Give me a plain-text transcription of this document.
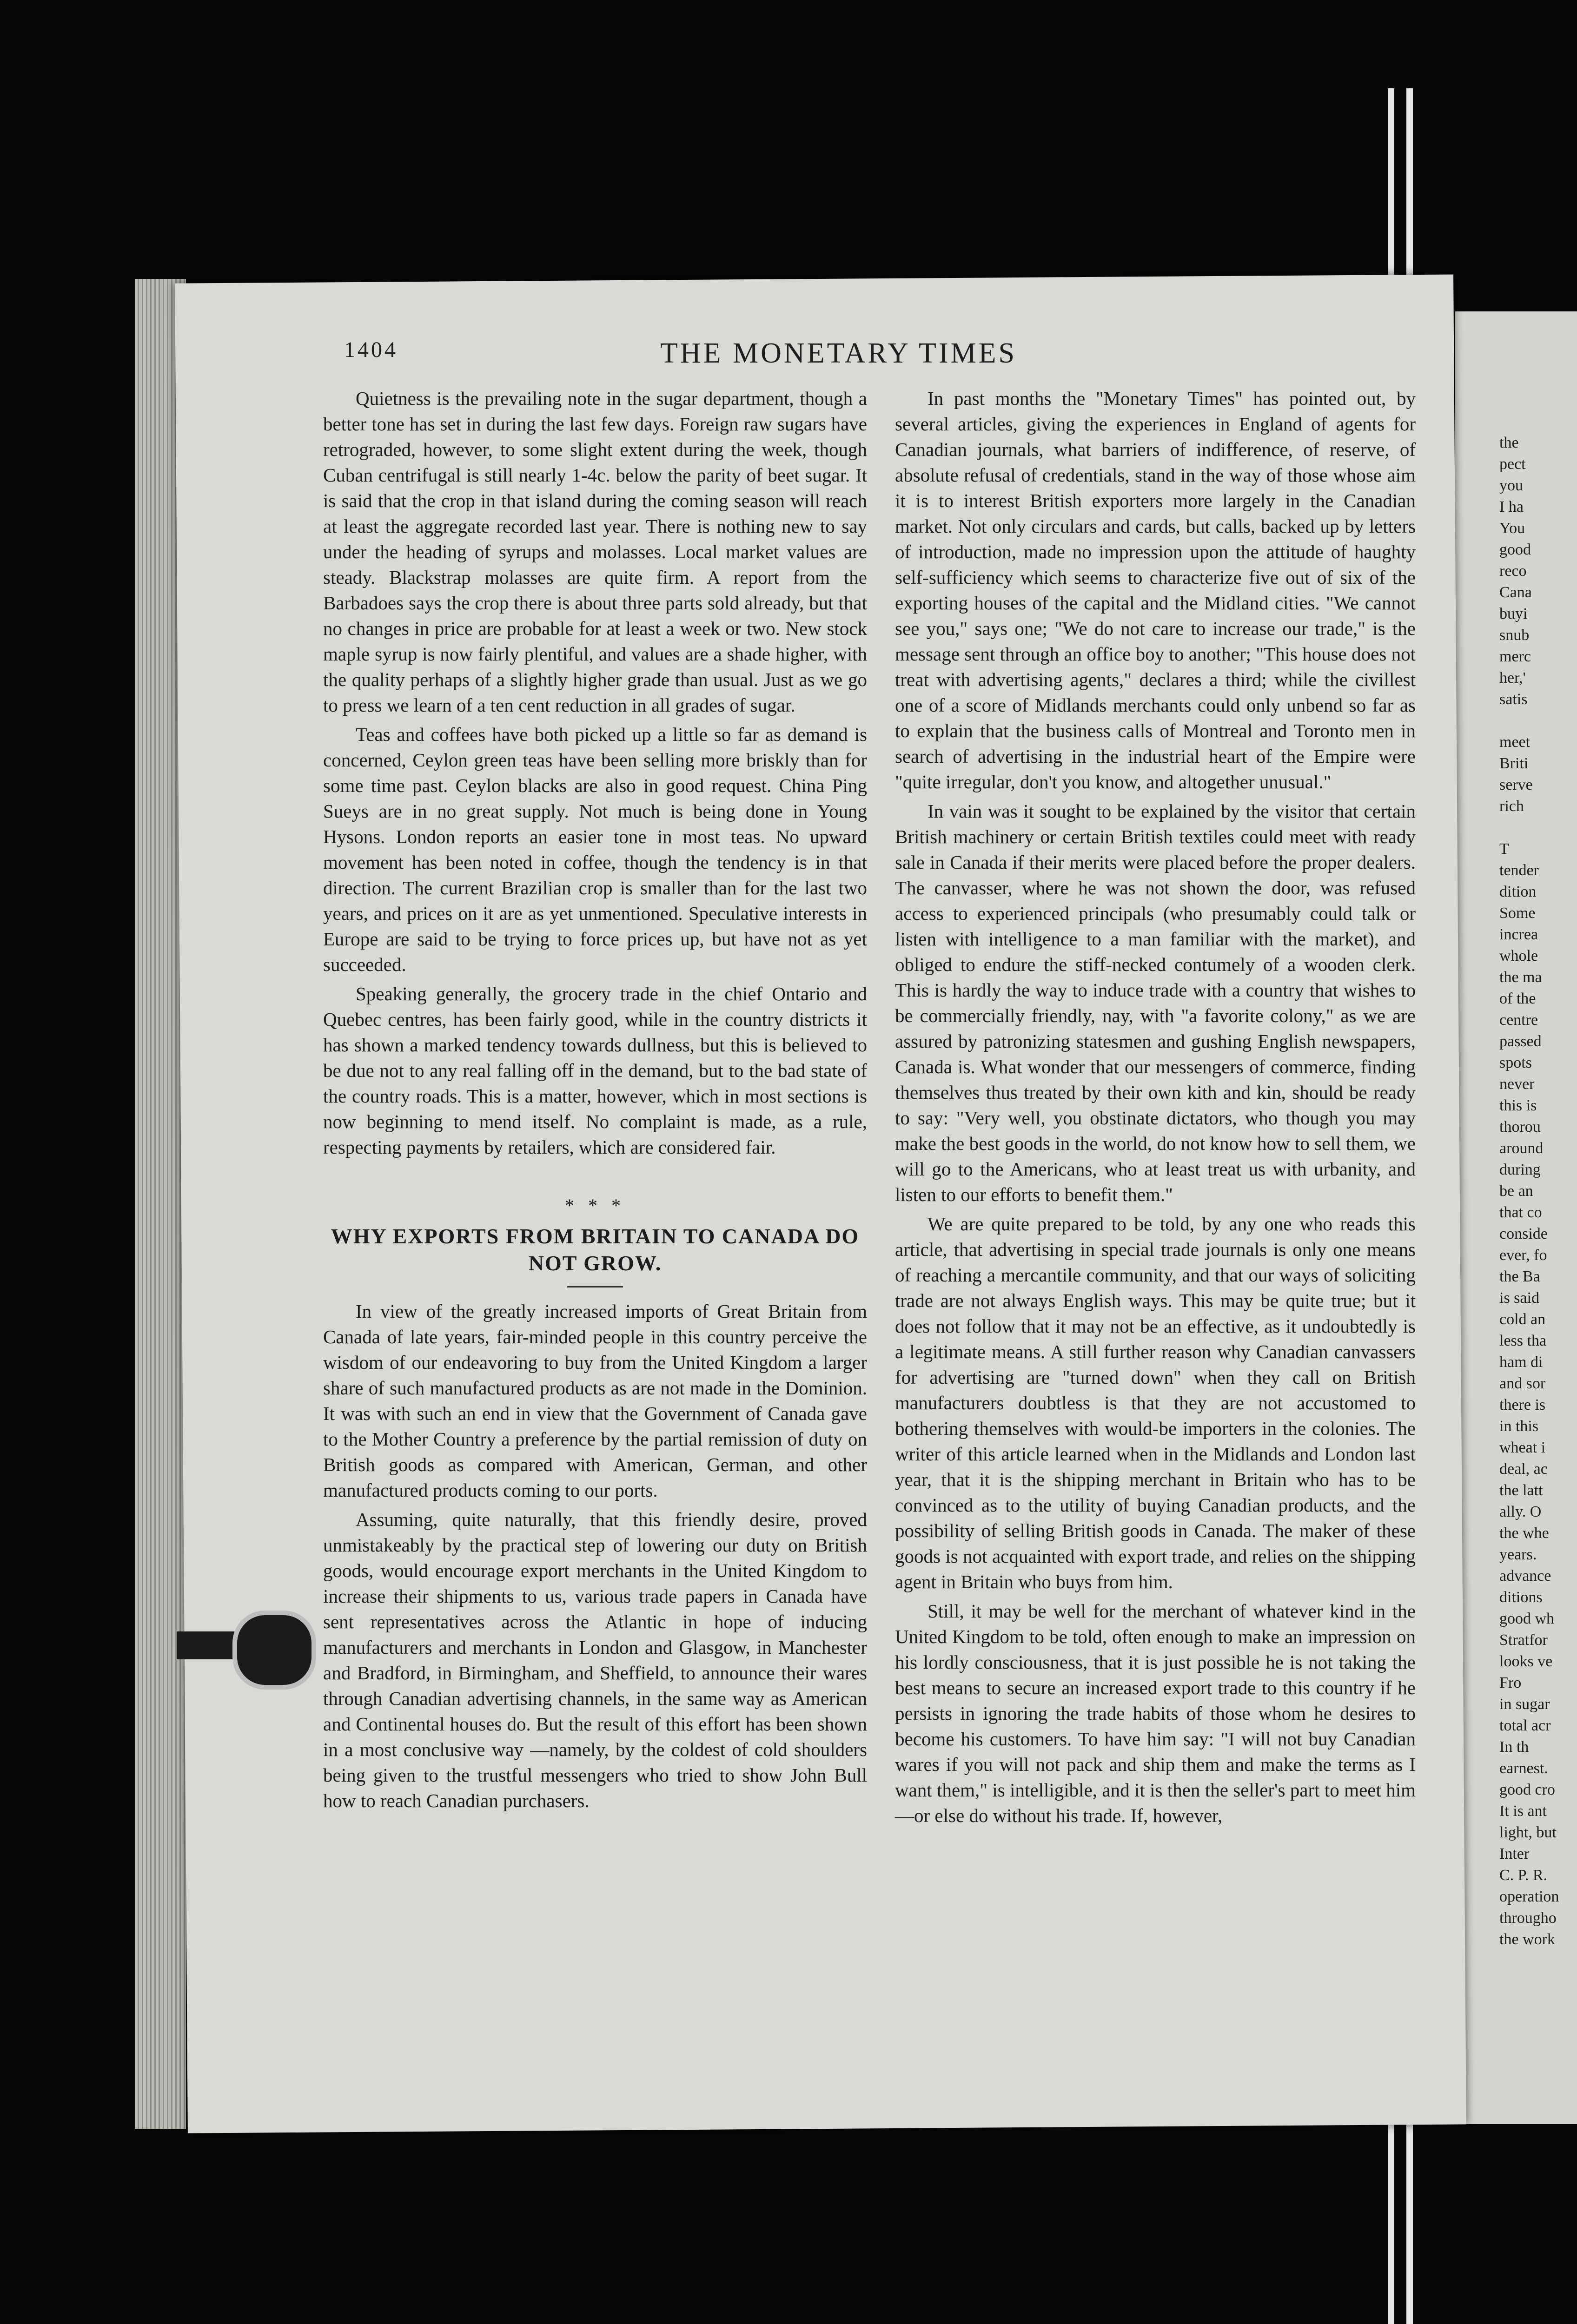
1404	THE MONETARY TIMES

Quietness is the prevailing note in the sugar department, though a better tone has set in during the last few days. Foreign raw sugars have retrograded, however, to some slight extent during the week, though Cuban centrifugal is still nearly 1-4c. below the parity of beet sugar. It is said that the crop in that island during the coming season will reach at least the aggregate recorded last year. There is nothing new to say under the heading of syrups and molasses. Local market values are steady. Blackstrap molasses are quite firm. A report from the Barbadoes says the crop there is about three parts sold already, but that no changes in price are probable for at least a week or two. New stock maple syrup is now fairly plentiful, and values are a shade higher, with the quality perhaps of a slightly higher grade than usual. Just as we go to press we learn of a ten cent reduction in all grades of sugar.

Teas and coffees have both picked up a little so far as demand is concerned, Ceylon green teas have been selling more briskly than for some time past. Ceylon blacks are also in good request. China Ping Sueys are in no great supply. Not much is being done in Young Hysons. London reports an easier tone in most teas. No upward movement has been noted in coffee, though the tendency is in that direction. The current Brazilian crop is smaller than for the last two years, and prices on it are as yet unmentioned. Speculative interests in Europe are said to be trying to force prices up, but have not as yet succeeded.

Speaking generally, the grocery trade in the chief Ontario and Quebec centres, has been fairly good, while in the country districts it has shown a marked tendency towards dullness, but this is believed to be due not to any real falling off in the demand, but to the bad state of the country roads. This is a matter, however, which in most sections is now beginning to mend itself. No complaint is made, as a rule, respecting payments by retailers, which are considered fair.

* * *
WHY EXPORTS FROM BRITAIN TO CANADA DO NOT GROW.

In view of the greatly increased imports of Great Britain from Canada of late years, fair-minded people in this country perceive the wisdom of our endeavoring to buy from the United Kingdom a larger share of such manufactured products as are not made in the Dominion. It was with such an end in view that the Government of Canada gave to the Mother Country a preference by the partial remission of duty on British goods as compared with American, German, and other manufactured products coming to our ports.

Assuming, quite naturally, that this friendly desire, proved unmistakeably by the practical step of lowering our duty on British goods, would encourage export merchants in the United Kingdom to increase their shipments to us, various trade papers in Canada have sent representatives across the Atlantic in hope of inducing manufacturers and merchants in London and Glasgow, in Manchester and Bradford, in Birmingham, and Sheffield, to announce their wares through Canadian advertising channels, in the same way as American and Continental houses do. But the result of this effort has been shown in a most conclusive way —namely, by the coldest of cold shoulders being given to the trustful messengers who tried to show John Bull how to reach Canadian purchasers.

In past months the "Monetary Times" has pointed out, by several articles, giving the experiences in England of agents for Canadian journals, what barriers of indifference, of reserve, of absolute refusal of credentials, stand in the way of those whose aim it is to interest British exporters more largely in the Canadian market. Not only circulars and cards, but calls, backed up by letters of introduction, made no impression upon the attitude of haughty self-sufficiency which seems to characterize five out of six of the exporting houses of the capital and the Midland cities. "We cannot see you," says one; "We do not care to increase our trade," is the message sent through an office boy to another; "This house does not treat with advertising agents," declares a third; while the civillest one of a score of Midlands merchants could only unbend so far as to explain that the business calls of Montreal and Toronto men in search of advertising in the industrial heart of the Empire were "quite irregular, don't you know, and altogether unusual."

In vain was it sought to be explained by the visitor that certain British machinery or certain British textiles could meet with ready sale in Canada if their merits were placed before the proper dealers. The canvasser, where he was not shown the door, was refused access to experienced principals (who presumably could talk or listen with intelligence to a man familiar with the market), and obliged to endure the stiff-necked contumely of a wooden clerk. This is hardly the way to induce trade with a country that wishes to be commercially friendly, nay, with "a favorite colony," as we are assured by patronizing statesmen and gushing English newspapers, Canada is. What wonder that our messengers of commerce, finding themselves thus treated by their own kith and kin, should be ready to say: "Very well, you obstinate dictators, who though you may make the best goods in the world, do not know how to sell them, we will go to the Americans, who at least treat us with urbanity, and listen to our efforts to benefit them."

We are quite prepared to be told, by any one who reads this article, that advertising in special trade journals is only one means of reaching a mercantile community, and that our ways of soliciting trade are not always English ways. This may be quite true; but it does not follow that it may not be an effective, as it undoubtedly is a legitimate means. A still further reason why Canadian canvassers for advertising are "turned down" when they call on British manufacturers doubtless is that they are not accustomed to bothering themselves with would-be importers in the colonies. The writer of this article learned when in the Midlands and London last year, that it is the shipping merchant in Britain who has to be convinced as to the utility of buying Canadian products, and the possibility of selling British goods in Canada. The maker of these goods is not acquainted with export trade, and relies on the shipping agent in Britain who buys from him.

Still, it may be well for the merchant of whatever kind in the United Kingdom to be told, often enough to make an impression on his lordly consciousness, that it is just possible he is not taking the best means to secure an increased export trade to this country if he persists in ignoring the trade habits of those whom he desires to become his customers. To have him say: "I will not buy Canadian wares if you will not pack and ship them and make the terms as I want them," is intelligible, and it is then the seller's part to meet him—or else do without his trade. If, however,

the
pect
you
I ha
You
good
reco
Cana
buyi
snub
merc
her,'
satis
meet
Briti
serve
rich
T
tender
dition
Some
increa
whole
the ma
of the
centre
passed
spots
never
this is
thorou
around
during
be an
that co
conside
ever, fo
the Ba
is said
cold an
less tha
ham di
and sor
there is
in this
wheat i
deal, ac
the latt
ally. O
the whe
years.
advance
ditions
good wh
Stratfor
looks ve
Fro
in sugar
total acr
In th
earnest.
good cro
It is ant
light, but
Inter
C. P. R.
operation
througho
the work
